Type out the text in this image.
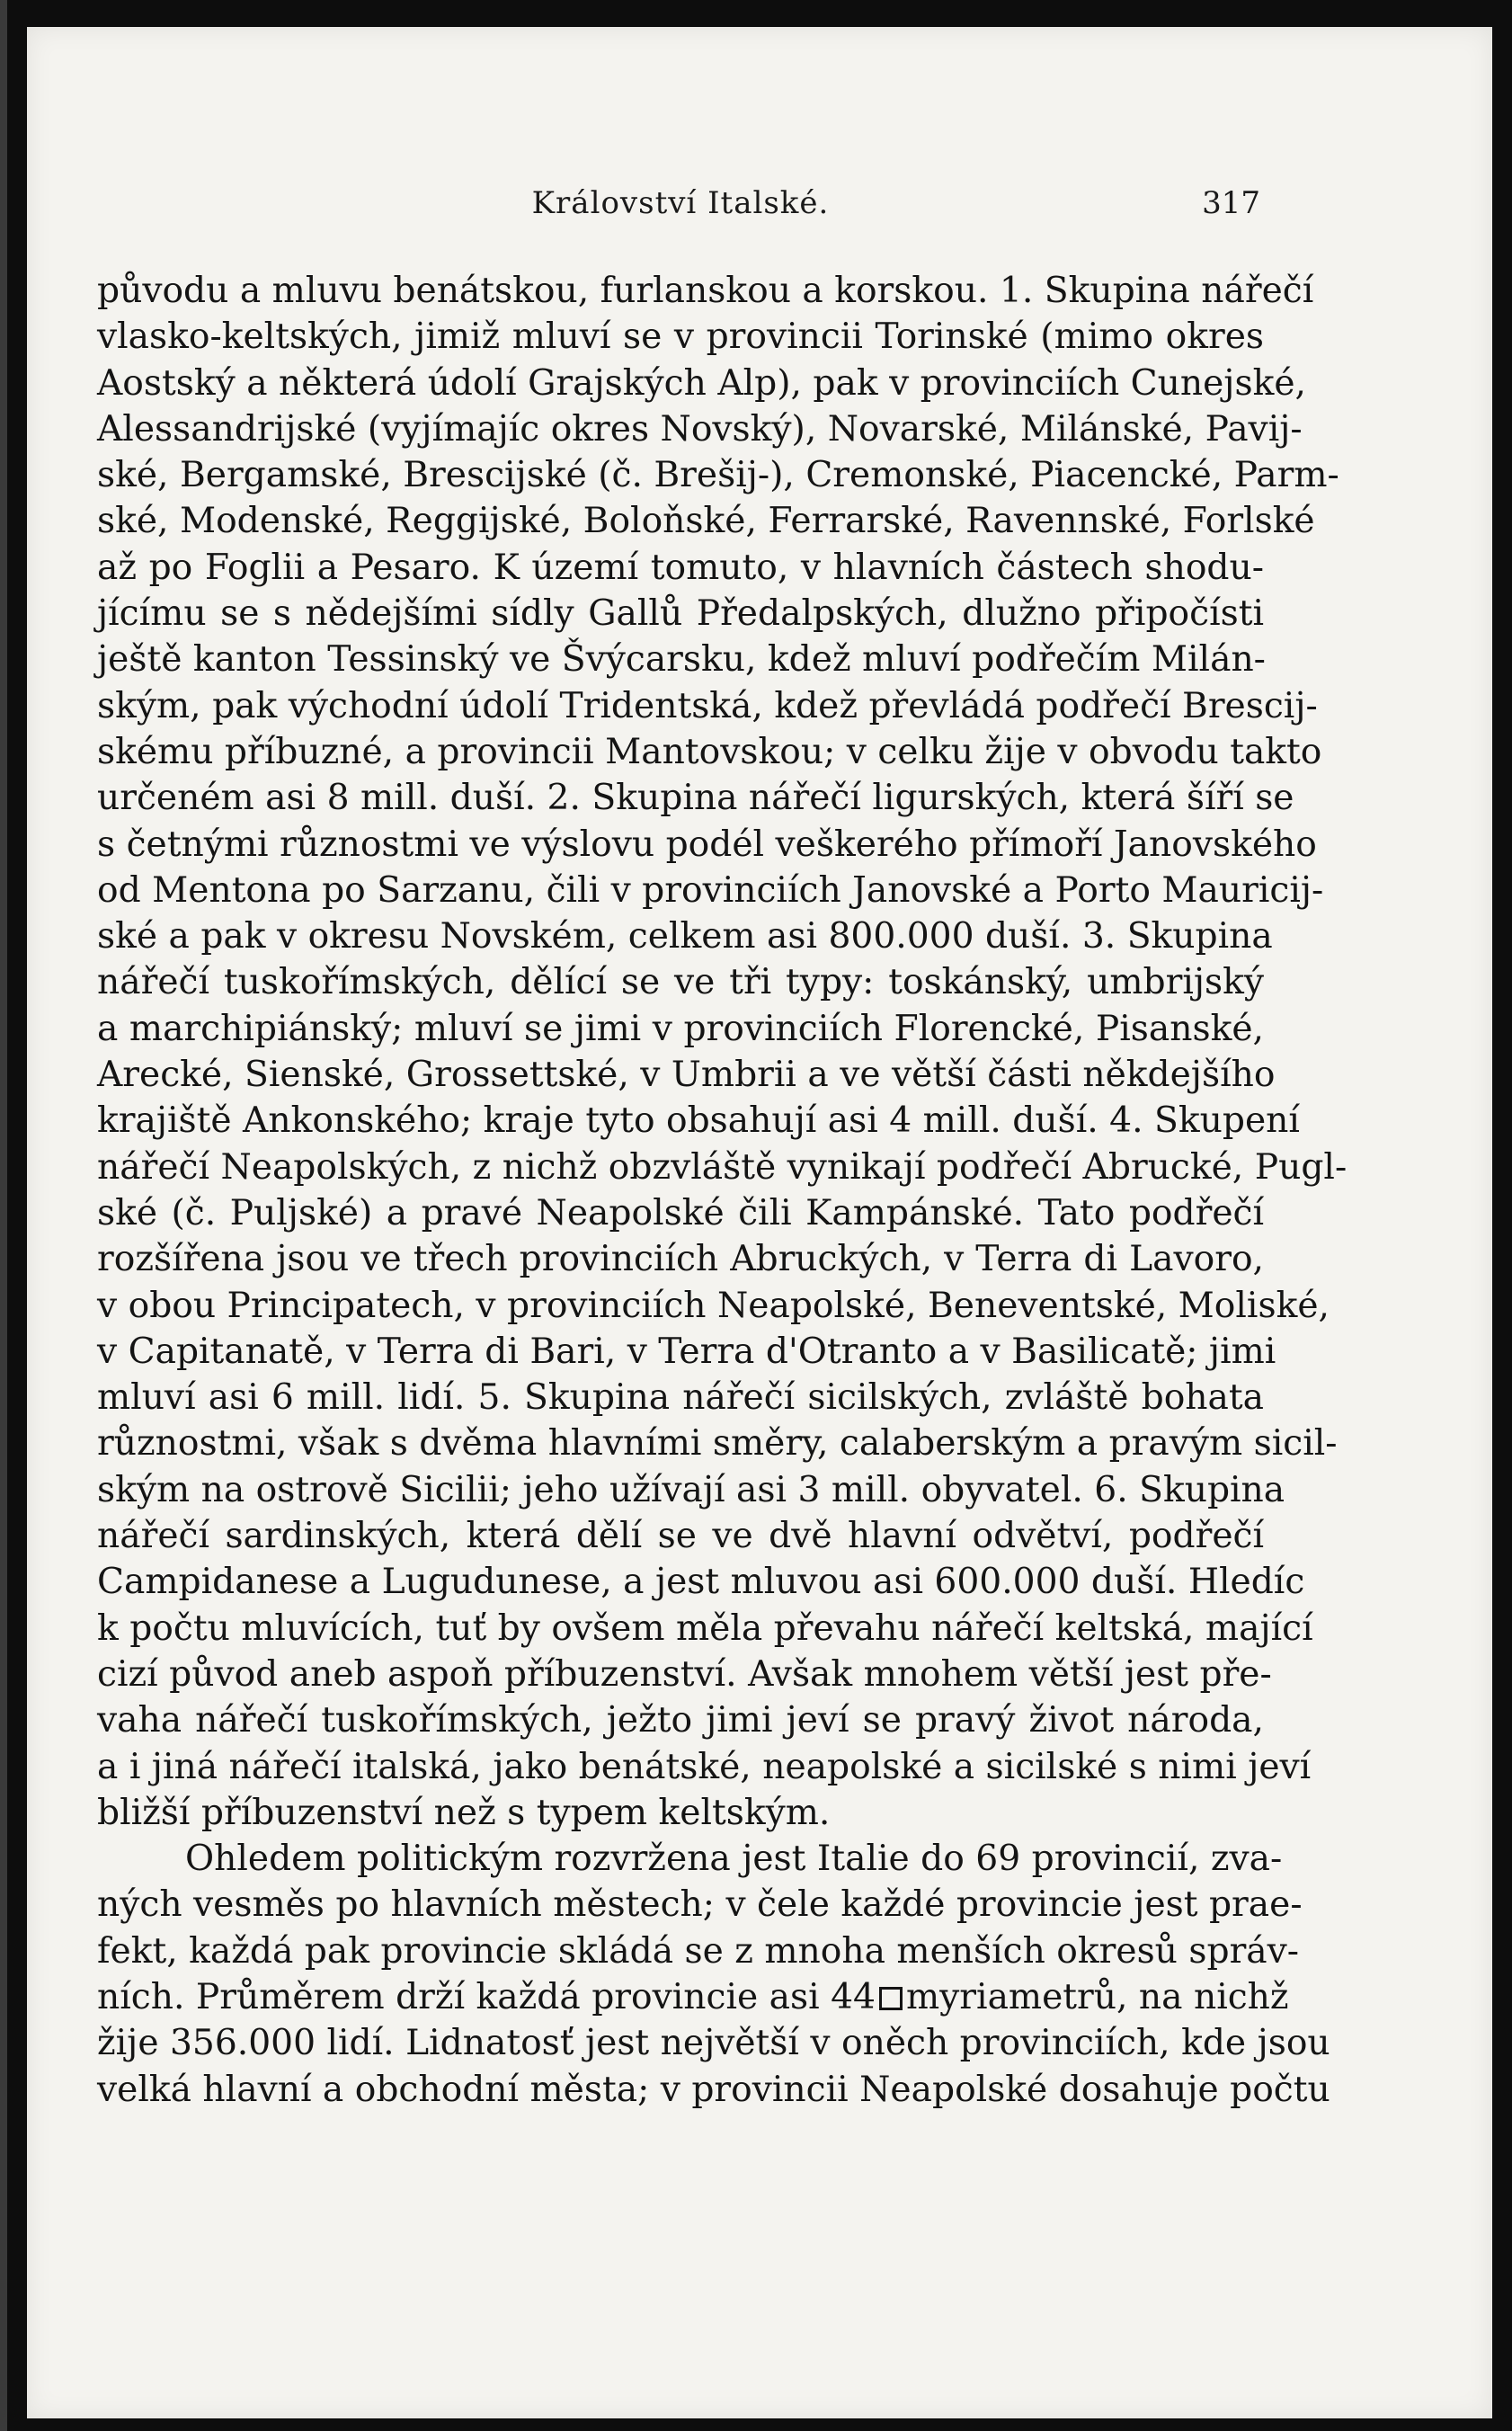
Království Italské.	317
původu a mluvu benátskou, furlanskou a korskou. 1. Skupina nářečí
vlasko-keltských, jimiž mluví se v provincii Torinské (mimo okres
Aostský a některá údolí Grajských Alp), pak v provinciích Cunejské,
Alessandrijské (vyjímajíc okres Novský), Novarské, Milánské, Pavij-
ské, Bergamské, Brescijské (č. Brešij-), Cremonské, Piacencké, Parm-
ské, Modenské, Reggijské, Boloňské, Ferrarské, Ravennské, Forlské
až po Foglii a Pesaro. K území tomuto, v hlavních částech shodu-
jícímu se s nědejšími sídly Gallů Předalpských, dlužno připočísti
ještě kanton Tessinský ve Švýcarsku, kdež mluví podřečím Milán-
ským, pak východní údolí Tridentská, kdež převládá podřečí Brescij-
skému příbuzné, a provincii Mantovskou; v celku žije v obvodu takto
určeném asi 8 mill. duší. 2. Skupina nářečí ligurských, která šíří se
s četnými různostmi ve výslovu podél veškerého přímoří Janovského
od Mentona po Sarzanu, čili v provinciích Janovské a Porto Mauricij-
ské a pak v okresu Novském, celkem asi 800.000 duší. 3. Skupina
nářečí tuskořímských, dělící se ve tři typy: toskánský, umbrijský
a marchipiánský; mluví se jimi v provinciích Florencké, Pisanské,
Arecké, Sienské, Grossettské, v Umbrii a ve větší části někdejšího
krajiště Ankonského; kraje tyto obsahují asi 4 mill. duší. 4. Skupení
nářečí Neapolských, z nichž obzvláště vynikají podřečí Abrucké, Pugl-
ské (č. Puljské) a pravé Neapolské čili Kampánské. Tato podřečí
rozšířena jsou ve třech provinciích Abruckých, v Terra di Lavoro,
v obou Principatech, v provinciích Neapolské, Beneventské, Moliské,
v Capitanatě, v Terra di Bari, v Terra d'Otranto a v Basilicatě; jimi
mluví asi 6 mill. lidí. 5. Skupina nářečí sicilských, zvláště bohata
různostmi, však s dvěma hlavními směry, calaberským a pravým sicil-
ským na ostrově Sicilii; jeho užívají asi 3 mill. obyvatel. 6. Skupina
nářečí sardinských, která dělí se ve dvě hlavní odvětví, podřečí
Campidanese a Lugudunese, a jest mluvou asi 600.000 duší. Hledíc
k počtu mluvících, tuť by ovšem měla převahu nářečí keltská, mající
cizí původ aneb aspoň příbuzenství. Avšak mnohem větší jest pře-
vaha nářečí tuskořímských, ježto jimi jeví se pravý život národa,
a i jiná nářečí italská, jako benátské, neapolské a sicilské s nimi jeví
bližší příbuzenství než s typem keltským.
Ohledem politickým rozvržena jest Italie do 69 provincií, zva-
ných vesměs po hlavních městech; v čele každé provincie jest prae-
fekt, každá pak provincie skládá se z mnoha menších okresů správ-
ních. Průměrem drží každá provincie asi 44 myriametrů, na nichž
žije 356.000 lidí. Lidnatosť jest největší v oněch provinciích, kde jsou
velká hlavní a obchodní města; v provincii Neapolské dosahuje počtu
